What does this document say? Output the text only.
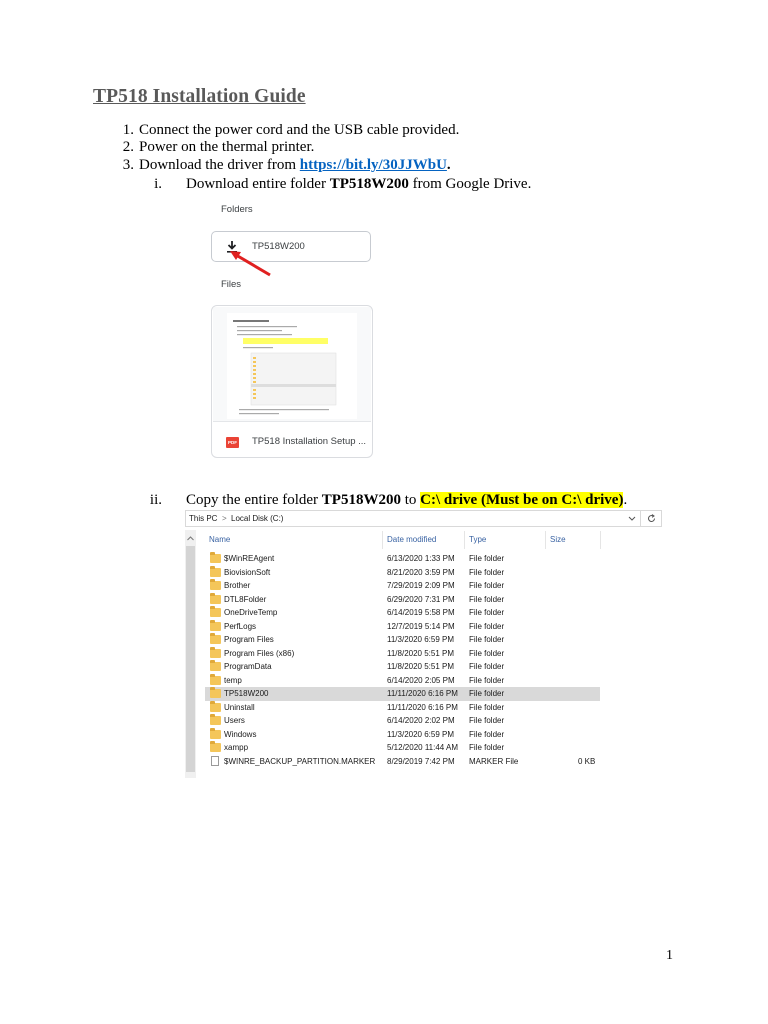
TP518 Installation Guide
1. Connect the power cord and the USB cable provided.
2. Power on the thermal printer.
3. Download the driver from https://bit.ly/30JJWbU.
i. Download entire folder TP518W200 from Google Drive.
Folders
TP518W200
Files
PDF TP518 Installation Setup ...
ii. Copy the entire folder TP518W200 to C:\ drive (Must be on C:\ drive).
This PC > Local Disk (C:)
Name	Date modified	Type	Size
$WinREAgent	6/13/2020 1:33 PM File folder
BiovisionSoft	8/21/2020 3:59 PM File folder
Brother	7/29/2019 2:09 PM File folder
DTL8Folder	6/29/2020 7:31 PM File folder
OneDriveTemp	6/14/2019 5:58 PM File folder
PerfLogs	12/7/2019 5:14 PM File folder
Program Files	11/3/2020 6:59 PM File folder
Program Files (x86)	11/8/2020 5:51 PM File folder
ProgramData	11/8/2020 5:51 PM File folder
temp	6/14/2020 2:05 PM File folder
TP518W200	11/11/2020 6:16 PM File folder
Uninstall	11/11/2020 6:16 PM File folder
Users	6/14/2020 2:02 PM File folder
Windows	11/3/2020 6:59 PM File folder
xampp	5/12/2020 11:44 AM File folder
$WINRE_BACKUP_PARTITION.MARKER 8/29/2019 7:42 PM MARKER File	0 KB
1
